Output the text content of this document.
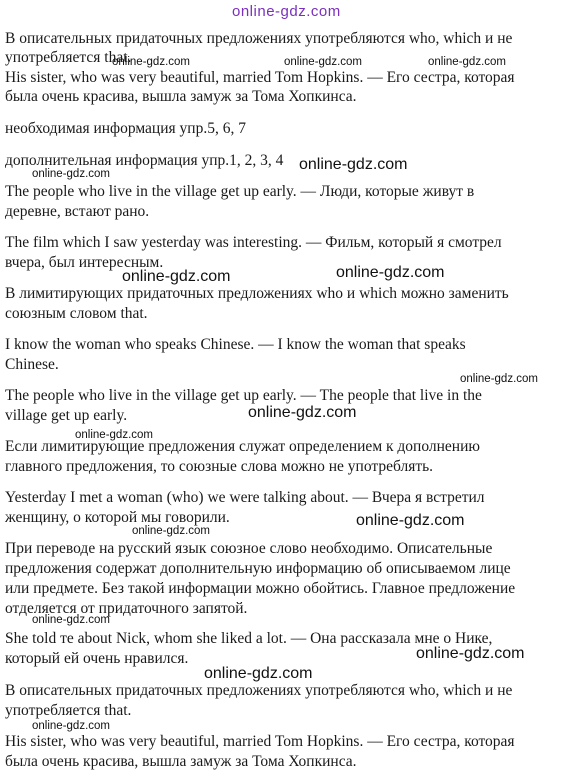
В описательных придаточных предложениях употребляются who, which и не
употребляется that.
His sister, who was very beautiful, married Tom Hopkins. — Его сестра, которая
была очень красива, вышла замуж за Тома Хопкинса.
необходимая информация упр.5, 6, 7
дополнительная информация упр.1, 2, 3, 4
The people who live in the village get up early. — Люди, которые живут в
деревне, встают рано.
The film which I saw yesterday was interesting. — Фильм, который я смотрел
вчера, был интересным.
В лимитирующих придаточных предложениях who и which можно заменить
союзным словом that.
I know the woman who speaks Chinese. — I know the woman that speaks
Chinese.
The people who live in the village get up early. — The people that live in the
village get up early.
Если лимитирующие предложения служат определением к дополнению
главного предложения, то союзные слова можно не употреблять.
Yesterday I met a woman (who) we were talking about. — Вчера я встретил
женщину, о которой мы говорили.
При переводе на русский язык союзное слово необходимо. Описательные
предложения содержат дополнительную информацию об описываемом лице
или предмете. Без такой информации можно обойтись. Главное предложение
отделяется от придаточного запятой.
She told те about Nick, whom she liked a lot. — Она рассказала мне о Нике,
который ей очень нравился.
В описательных придаточных предложениях употребляются who, which и не
употребляется that.
His sister, who was very beautiful, married Tom Hopkins. — Его сестра, которая
была очень красива, вышла замуж за Тома Хопкинса.
online-gdz.com
online-gdz.com	online-gdz.com	online-gdz.com
online-gdz.com
online-gdz.com
online-gdz.com	online-gdz.com
online-gdz.com
online-gdz.com
online-gdz.com
online-gdz.com
online-gdz.com
online-gdz.com
online-gdz.com
online-gdz.com
online-gdz.com
